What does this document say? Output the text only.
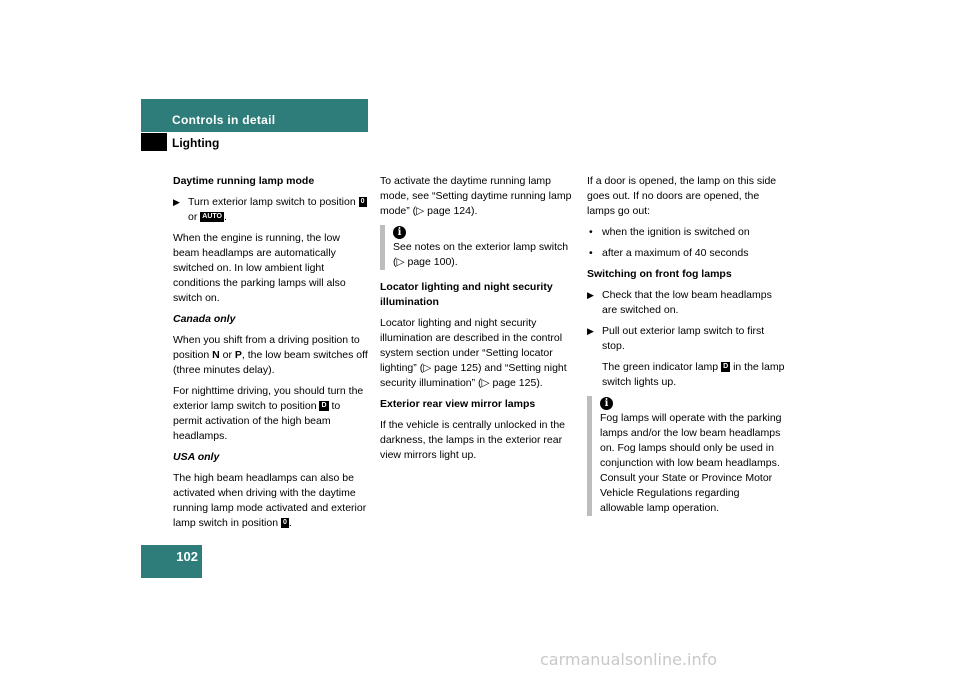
Controls in detail
Lighting

Daytime running lamp mode

▶ Turn exterior lamp switch to position 0 or AUTO .

When the engine is running, the low beam headlamps are automatically switched on. In low ambient light conditions the parking lamps will also switch on.

Canada only

When you shift from a driving position to position N or P, the low beam switches off (three minutes delay).

For nighttime driving, you should turn the exterior lamp switch to position D to permit activation of the high beam headlamps.

USA only

The high beam headlamps can also be activated when driving with the daytime running lamp mode activated and exterior lamp switch in position 0 .

To activate the daytime running lamp mode, see “Setting daytime running lamp mode” (▷ page 124).

i

See notes on the exterior lamp switch (▷ page 100).

Locator lighting and night security illumination

Locator lighting and night security illumination are described in the control system section under “Setting locator lighting” (▷ page 125) and “Setting night security illumination” (▷ page 125).

Exterior rear view mirror lamps

If the vehicle is centrally unlocked in the darkness, the lamps in the exterior rear view mirrors light up.

If a door is opened, the lamp on this side goes out. If no doors are opened, the lamps go out:

• when the ignition is switched on
• after a maximum of 40 seconds

Switching on front fog lamps

▶ Check that the low beam headlamps are switched on.
▶ Pull out exterior lamp switch to first stop.
The green indicator lamp D in the lamp switch lights up.
i

Fog lamps will operate with the parking lamps and/or the low beam headlamps on. Fog lamps should only be used in conjunction with low beam headlamps. Consult your State or Province Motor Vehicle Regulations regarding allowable lamp operation.

102
carmanualsonline.info
